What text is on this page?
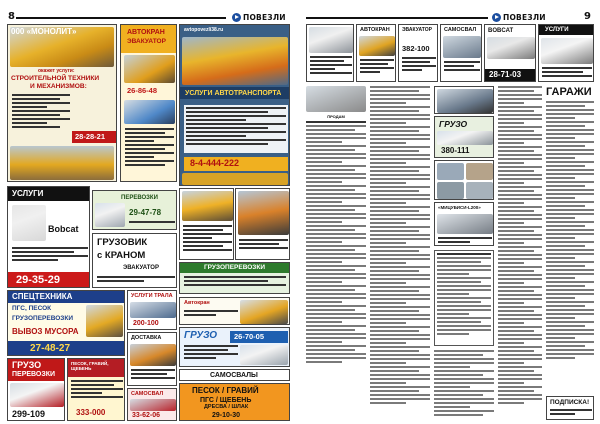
8	ПОВЕЗЛИ
000 «МОНОЛИТ»
окажет услуги:
СТРОИТЕЛЬНОЙ ТЕХНИКИ
И МЕХАНИЗМОВ:
28-28-21
АВТОКРАН
ЭВАКУАТОР
26-86-48
avtopovezli38.ru
УСЛУГИ АВТОТРАНСПОРТА
8-4-444-222
УСЛУГИ
Bobcat
29-35-29
ПЕРЕВОЗКИ
29-47-78
ГРУЗОВИК
с КРАНОМ
ЭВАКУАТОР	ГРУЗОПЕРЕВОЗКИ
СПЕЦТЕХНИКА
ПГС, ПЕСОК
ГРУЗОПЕРЕВОЗКИ
ВЫВОЗ МУСОРА
27-48-27
УСЛУГИ ТРАЛА
200-100
Автокран
ДОСТАВКА
САМОСВАЛ
33-62-06
ГРУЗО 26-70-05
ГРУЗО
ПЕРЕВОЗКИ
299-109
ПЕСОК, ГРАВИЙ, ЩЕБЕНЬ
333-000
САМОСВАЛЫ
ПЕСОК / ГРАВИЙ
ПГС / ЩЕБЕНЬ
ДРЕСВА / ШЛАК
29-10-30
ПОВЕЗЛИ	9
АВТОКРАН ЭВАКУАТОР
382-100
САМОСВАЛ BOBCAT
28-71-03
УСЛУГИ
ПРОДАМ
ГРУЗО
380-111
«МИЦУБИСИ-L200»
ГАРАЖИ
ПОДПИСКА!
